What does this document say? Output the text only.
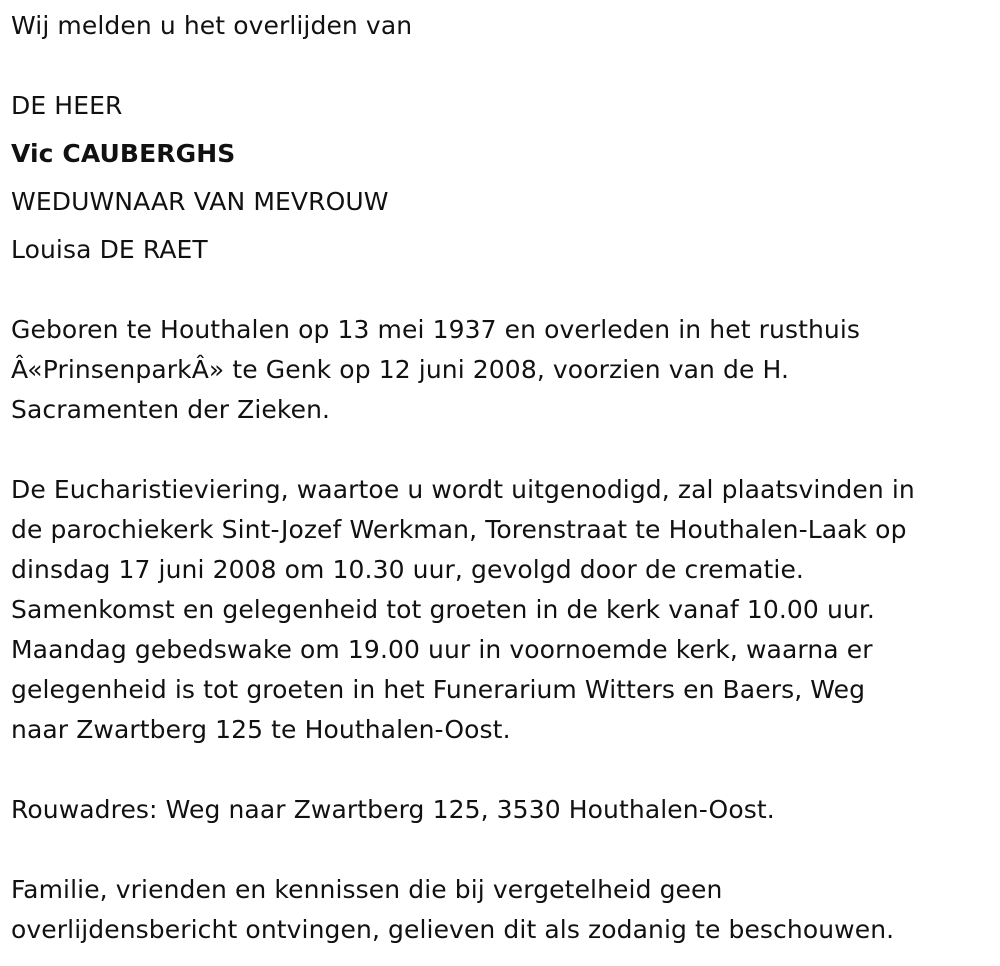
Wij melden u het overlijden van
DE HEER
Vic CAUBERGHS
WEDUWNAAR VAN MEVROUW
Louisa DE RAET
Geboren te Houthalen op 13 mei 1937 en overleden in het rusthuis
Â«PrinsenparkÂ» te Genk op 12 juni 2008, voorzien van de H.
Sacramenten der Zieken.
De Eucharistieviering, waartoe u wordt uitgenodigd, zal plaatsvinden in
de parochiekerk Sint-Jozef Werkman, Torenstraat te Houthalen-Laak op
dinsdag 17 juni 2008 om 10.30 uur, gevolgd door de crematie.
Samenkomst en gelegenheid tot groeten in de kerk vanaf 10.00 uur.
Maandag gebedswake om 19.00 uur in voornoemde kerk, waarna er
gelegenheid is tot groeten in het Funerarium Witters en Baers, Weg
naar Zwartberg 125 te Houthalen-Oost.
Rouwadres: Weg naar Zwartberg 125, 3530 Houthalen-Oost.
Familie, vrienden en kennissen die bij vergetelheid geen
overlijdensbericht ontvingen, gelieven dit als zodanig te beschouwen.
